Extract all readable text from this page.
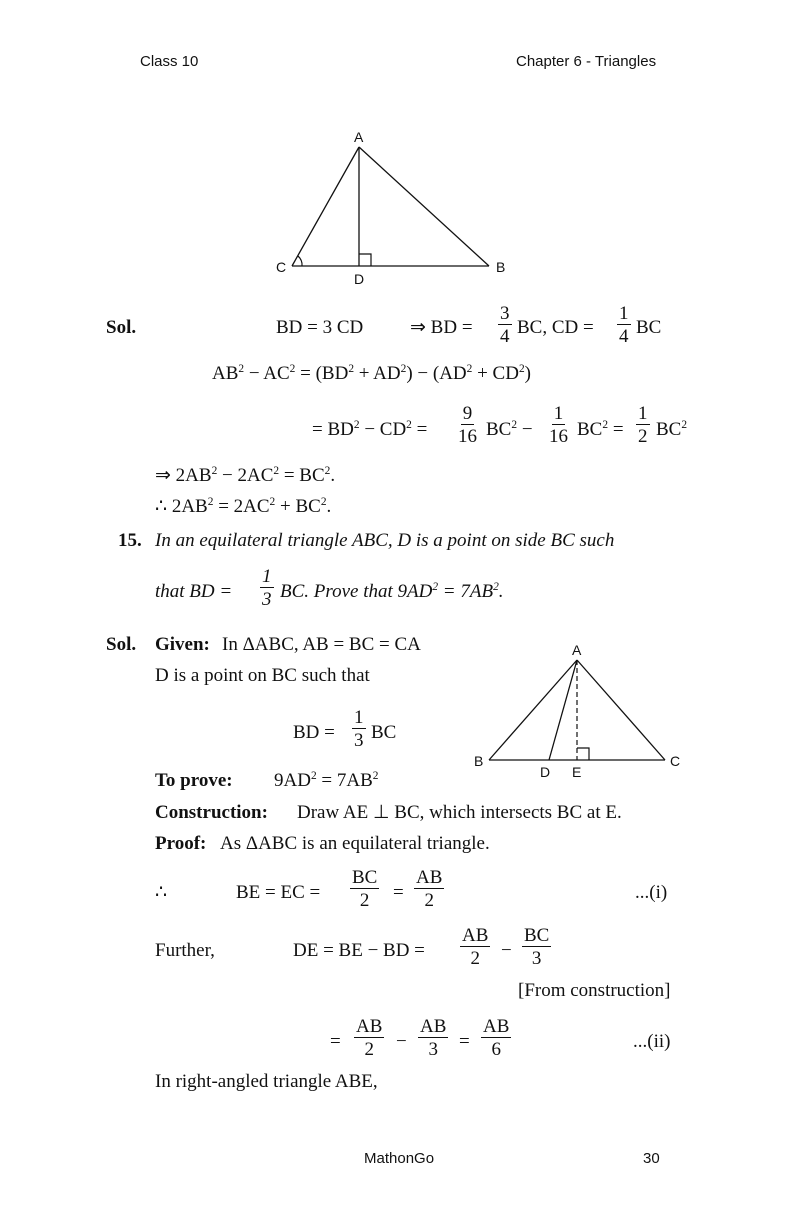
Class 10	Chapter 6 - Triangles
A
C
D
B
Sol.	BD = 3 CD ⇒ BD = $\frac{3}{4}$ BC, CD = $\frac{1}{4}$ BC
$AB^2 - AC^2 = (BD^2 + AD^2) - (AD^2 + CD^2)$
= $BD^2 - CD^2 = \frac{9}{16} BC^2 - \frac{1}{16} BC^2 = \frac{1}{2} BC^2$
⇒ $2AB^2 - 2AC^2 = BC^2$.
∴ $2AB^2 = 2AC^2 + BC^2$.
15. In an equilateral triangle ABC, D is a point on side BC such
that BD = $\frac{1}{3}$ BC. Prove that $9AD^2 = 7AB^2$.
A
B
D E
C
Sol. Given: In ΔABC, AB = BC = CA
D is a point on BC such that
BD = $\frac{1}{3}$ BC
To prove: $9AD^2 = 7AB^2$
Construction: Draw AE ⊥ BC, which intersects BC at E.
Proof: As ΔABC is an equilateral triangle.
∴	BE = EC = $\frac{BC}{2} = \frac{AB}{2}$	...(i)
Further,	DE = BE − BD = $\frac{AB}{2} - \frac{BC}{3}$
[From construction]
= $\frac{AB}{2} - \frac{AB}{3} = \frac{AB}{6}$	...(ii)
In right-angled triangle ABE,
MathonGo	30
